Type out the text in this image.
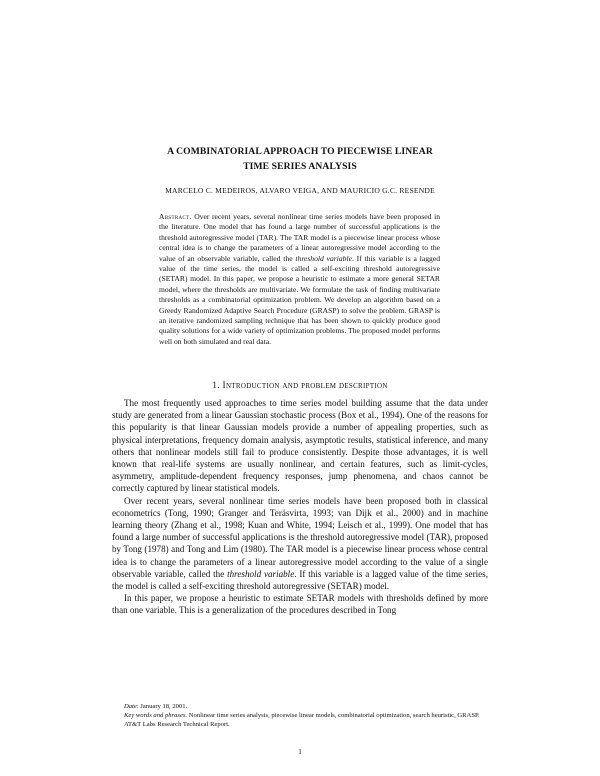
A COMBINATORIAL APPROACH TO PIECEWISE LINEAR
TIME SERIES ANALYSIS
MARCELO C. MEDEIROS, ALVARO VEIGA, AND MAURICIO G.C. RESENDE
Abstract. Over recent years, several nonlinear time series models have been proposed in the literature. One model that has found a large number of successful applications is the threshold autoregressive model (TAR). The TAR model is a piecewise linear process whose central idea is to change the parameters of a linear autoregressive model according to the value of an observable variable, called the threshold variable. If this variable is a lagged value of the time series, the model is called a self-exciting threshold autoregressive (SETAR) model. In this paper, we propose a heuristic to estimate a more general SETAR model, where the thresholds are multivariate. We formulate the task of finding multivariate thresholds as a combinatorial optimization problem. We develop an algorithm based on a Greedy Randomized Adaptive Search Procedure (GRASP) to solve the problem. GRASP is an iterative randomized sampling technique that has been shown to quickly produce good quality solutions for a wide variety of optimization problems. The proposed model performs well on both simulated and real data.
1. Introduction and problem description

The most frequently used approaches to time series model building assume that the data under study are generated from a linear Gaussian stochastic process (Box et al., 1994). One of the reasons for this popularity is that linear Gaussian models provide a number of appealing properties, such as physical interpretations, frequency domain analysis, asymptotic results, statistical inference, and many others that nonlinear models still fail to produce consistently. Despite those advantages, it is well known that real-life systems are usually nonlinear, and certain features, such as limit-cycles, asymmetry, amplitude-dependent frequency responses, jump phenomena, and chaos cannot be correctly captured by linear statistical models.

Over recent years, several nonlinear time series models have been proposed both in classical econometrics (Tong, 1990; Granger and Teräsvirta, 1993; van Dijk et al., 2000) and in machine learning theory (Zhang et al., 1998; Kuan and White, 1994; Leisch et al., 1999). One model that has found a large number of successful applications is the threshold autoregressive model (TAR), proposed by Tong (1978) and Tong and Lim (1980). The TAR model is a piecewise linear process whose central idea is to change the parameters of a linear autoregressive model according to the value of a single observable variable, called the threshold variable. If this variable is a lagged value of the time series, the model is called a self-exciting threshold autoregressive (SETAR) model.

In this paper, we propose a heuristic to estimate SETAR models with thresholds defined by more than one variable. This is a generalization of the procedures described in Tong

Date: January 18, 2001.

Key words and phrases. Nonlinear time series analysis, piecewise linear models, combinatorial optimization, search heuristic, GRASP.

AT&T Labs Research Technical Report.

1
